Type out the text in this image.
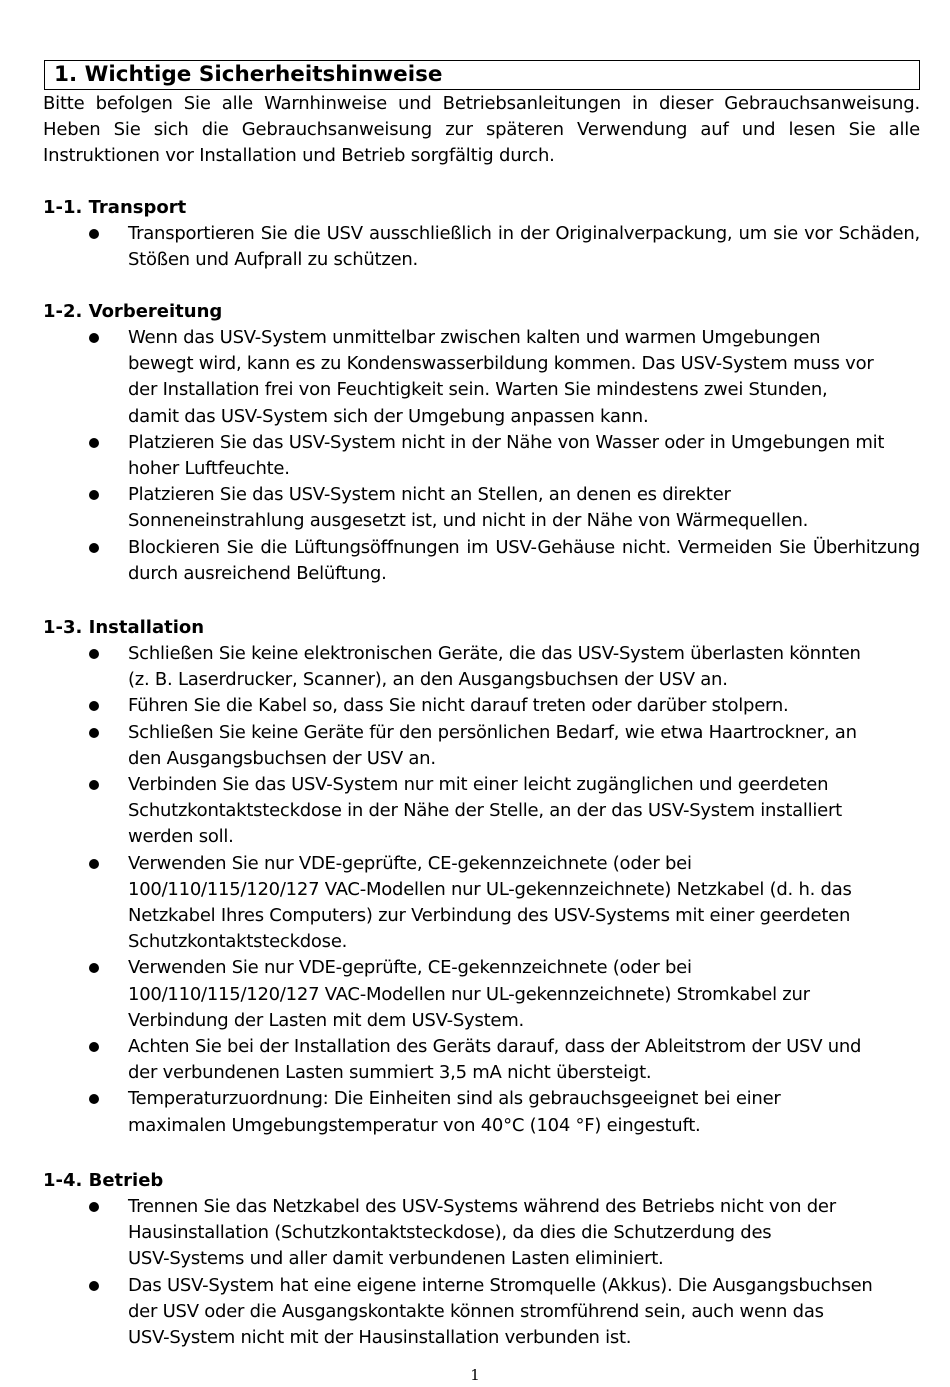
1. Wichtige Sicherheitshinweise
Bitte befolgen Sie alle Warnhinweise und Betriebsanleitungen in dieser Gebrauchsanweisung. Heben Sie sich die Gebrauchsanweisung zur späteren Verwendung auf und lesen Sie alle Instruktionen vor Installation und Betrieb sorgfältig durch.
1-1. Transport
Transportieren Sie die USV ausschließlich in der Originalverpackung, um sie vor Schäden, Stößen und Aufprall zu schützen.
1-2. Vorbereitung
Wenn das USV-System unmittelbar zwischen kalten und warmen Umgebungen
bewegt wird, kann es zu Kondenswasserbildung kommen. Das USV-System muss vor
der Installation frei von Feuchtigkeit sein. Warten Sie mindestens zwei Stunden,
damit das USV-System sich der Umgebung anpassen kann.
Platzieren Sie das USV-System nicht in der Nähe von Wasser oder in Umgebungen mit
hoher Luftfeuchte.
Platzieren Sie das USV-System nicht an Stellen, an denen es direkter
Sonneneinstrahlung ausgesetzt ist, und nicht in der Nähe von Wärmequellen.
Blockieren Sie die Lüftungsöffnungen im USV-Gehäuse nicht. Vermeiden Sie Überhitzung durch ausreichend Belüftung.
1-3. Installation
Schließen Sie keine elektronischen Geräte, die das USV-System überlasten könnten
(z. B. Laserdrucker, Scanner), an den Ausgangsbuchsen der USV an.
Führen Sie die Kabel so, dass Sie nicht darauf treten oder darüber stolpern.
Schließen Sie keine Geräte für den persönlichen Bedarf, wie etwa Haartrockner, an
den Ausgangsbuchsen der USV an.
Verbinden Sie das USV-System nur mit einer leicht zugänglichen und geerdeten
Schutzkontaktsteckdose in der Nähe der Stelle, an der das USV-System installiert
werden soll.
Verwenden Sie nur VDE-geprüfte, CE-gekennzeichnete (oder bei
100/110/115/120/127 VAC-Modellen nur UL-gekennzeichnete) Netzkabel (d. h. das
Netzkabel Ihres Computers) zur Verbindung des USV-Systems mit einer geerdeten
Schutzkontaktsteckdose.
Verwenden Sie nur VDE-geprüfte, CE-gekennzeichnete (oder bei
100/110/115/120/127 VAC-Modellen nur UL-gekennzeichnete) Stromkabel zur
Verbindung der Lasten mit dem USV-System.
Achten Sie bei der Installation des Geräts darauf, dass der Ableitstrom der USV und
der verbundenen Lasten summiert 3,5 mA nicht übersteigt.
Temperaturzuordnung: Die Einheiten sind als gebrauchsgeeignet bei einer
maximalen Umgebungstemperatur von 40°C (104 °F) eingestuft.
1-4. Betrieb
Trennen Sie das Netzkabel des USV-Systems während des Betriebs nicht von der
Hausinstallation (Schutzkontaktsteckdose), da dies die Schutzerdung des
USV-Systems und aller damit verbundenen Lasten eliminiert.
Das USV-System hat eine eigene interne Stromquelle (Akkus). Die Ausgangsbuchsen
der USV oder die Ausgangskontakte können stromführend sein, auch wenn das
USV-System nicht mit der Hausinstallation verbunden ist.
1
